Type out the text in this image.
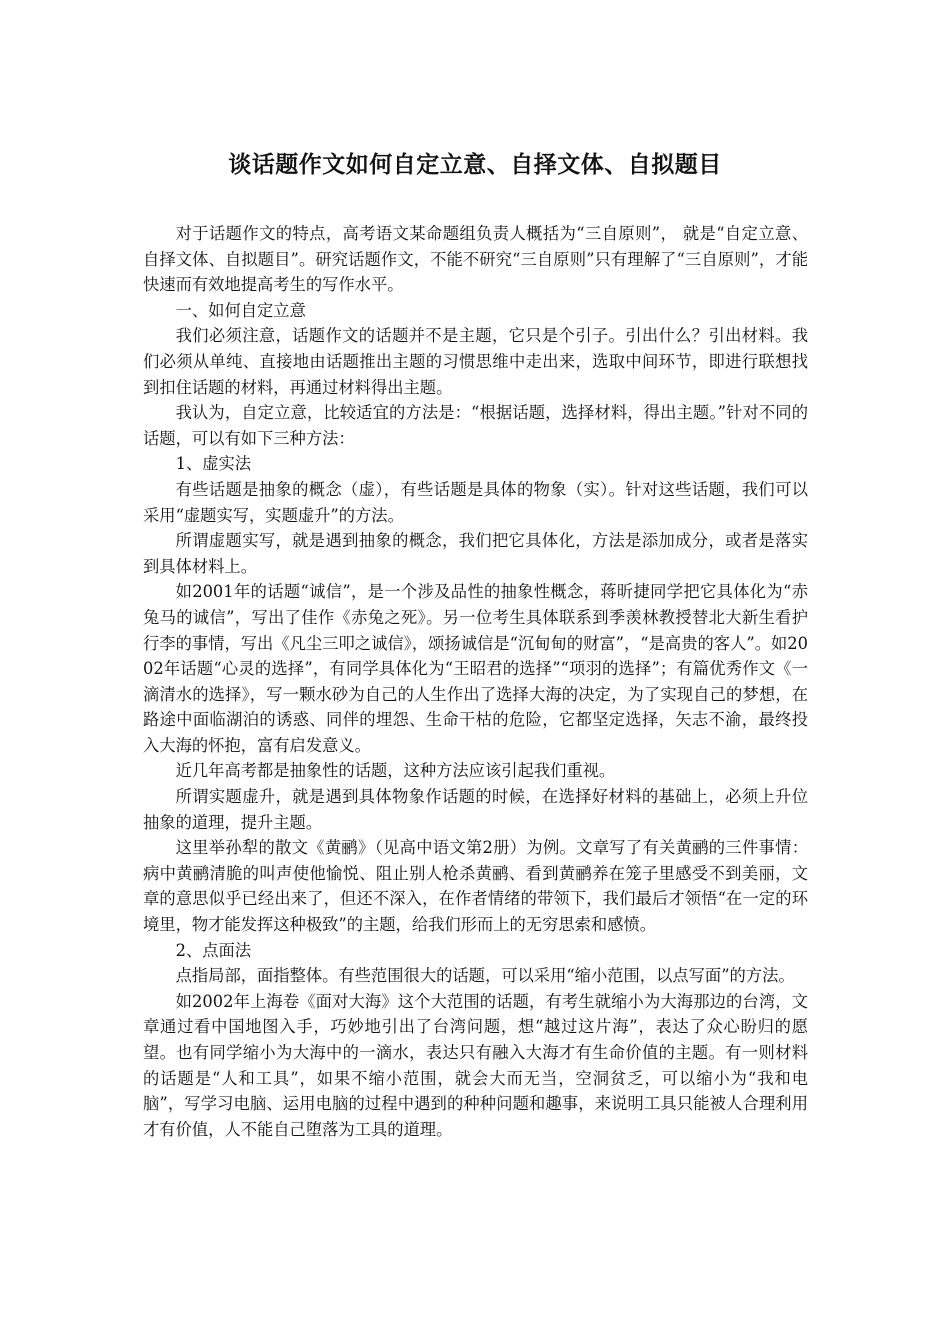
谈话题作文如何自定立意、自择文体、自拟题目

对于话题作文的特点，高考语文某命题组负责人概括为“三自原则”， 就是“自定立意、自择文体、自拟题目”。研究话题作文，不能不研究“三自原则”只有理解了“三自原则”，才能快速而有效地提高考生的写作水平。

一、如何自定立意

我们必须注意，话题作文的话题并不是主题，它只是个引子。引出什么？引出材料。我们必须从单纯、直接地由话题推出主题的习惯思维中走出来，选取中间环节，即进行联想找到扣住话题的材料，再通过材料得出主题。

我认为，自定立意，比较适宜的方法是：“根据话题，选择材料，得出主题。”针对不同的话题，可以有如下三种方法：

1、虚实法

有些话题是抽象的概念（虚），有些话题是具体的物象（实）。针对这些话题，我们可以采用“虚题实写，实题虚升”的方法。

所谓虚题实写，就是遇到抽象的概念，我们把它具体化，方法是添加成分，或者是落实到具体材料上。

如2001年的话题“诚信”，是一个涉及品性的抽象性概念，蒋昕捷同学把它具体化为“赤兔马的诚信”，写出了佳作《赤兔之死》。另一位考生具体联系到季羡林教授替北大新生看护行李的事情，写出《凡尘三叩之诚信》，颂扬诚信是“沉甸甸的财富”，“是高贵的客人”。如2002年话题“心灵的选择”，有同学具体化为“王昭君的选择”“项羽的选择”；有篇优秀作文《一滴清水的选择》，写一颗水砂为自己的人生作出了选择大海的决定，为了实现自己的梦想，在路途中面临湖泊的诱惑、同伴的埋怨、生命干枯的危险，它都坚定选择，矢志不渝，最终投入大海的怀抱，富有启发意义。

近几年高考都是抽象性的话题，这种方法应该引起我们重视。

所谓实题虚升，就是遇到具体物象作话题的时候，在选择好材料的基础上，必须上升位抽象的道理，提升主题。

这里举孙犁的散文《黄鹂》（见高中语文第2册）为例。文章写了有关黄鹂的三件事情：病中黄鹂清脆的叫声使他愉悦、阻止别人枪杀黄鹂、看到黄鹂养在笼子里感受不到美丽，文章的意思似乎已经出来了，但还不深入，在作者情绪的带领下，我们最后才领悟“在一定的环境里，物才能发挥这种极致”的主题，给我们形而上的无穷思索和感愤。

2、点面法

点指局部，面指整体。有些范围很大的话题，可以采用“缩小范围，以点写面”的方法。

如2002年上海卷《面对大海》这个大范围的话题，有考生就缩小为大海那边的台湾，文章通过看中国地图入手，巧妙地引出了台湾问题，想“越过这片海”，表达了众心盼归的愿望。也有同学缩小为大海中的一滴水，表达只有融入大海才有生命价值的主题。有一则材料的话题是“人和工具”，如果不缩小范围，就会大而无当，空洞贫乏，可以缩小为“我和电脑”，写学习电脑、运用电脑的过程中遇到的种种问题和趣事，来说明工具只能被人合理利用才有价值，人不能自己堕落为工具的道理。
